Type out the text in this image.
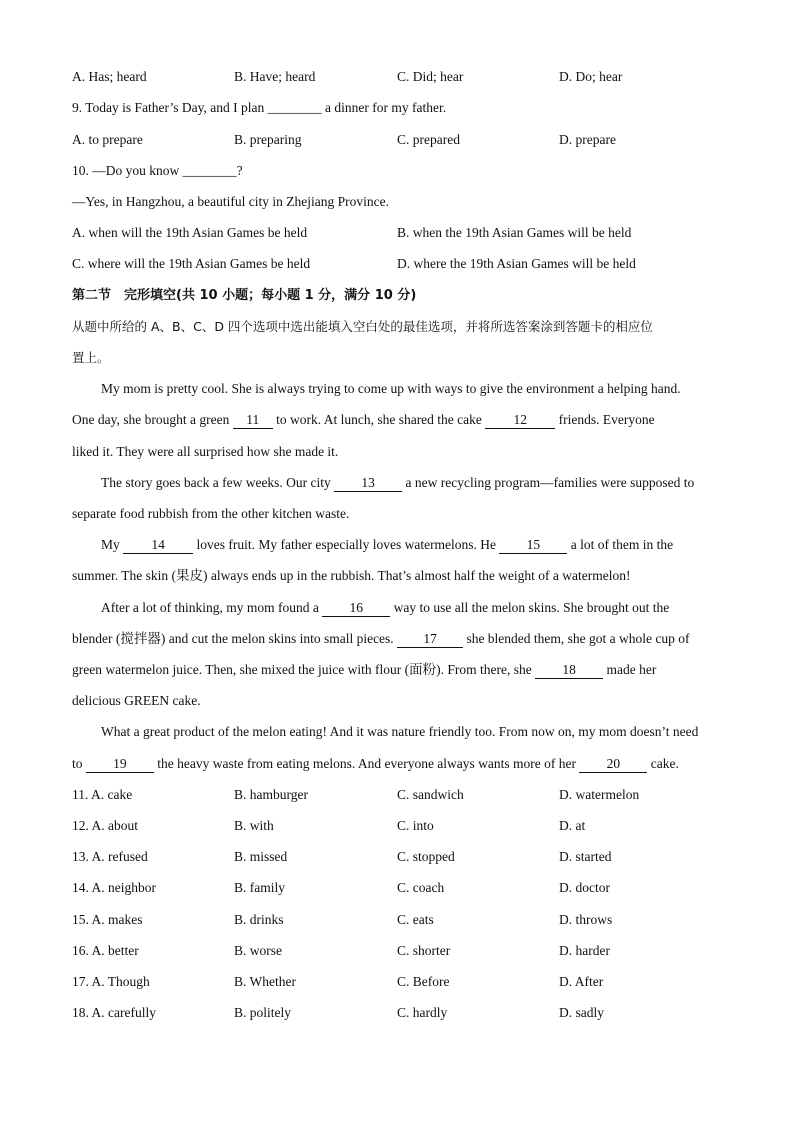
A. Has; heard	B. Have; heard	C. Did; hear	D. Do; hear
9. Today is Father’s Day, and I plan ________ a dinner for my father.
A. to prepare	B. preparing	C. prepared	D. prepare
10. —Do you know ________?
—Yes, in Hangzhou, a beautiful city in Zhejiang Province.
A. when will the 19th Asian Games be held	B. when the 19th Asian Games will be held
C. where will the 19th Asian Games be held	D. where the 19th Asian Games will be held
第二节　完形填空(共 10 小题；每小题 1 分，满分 10 分)
从题中所给的 A、B、C、D 四个选项中选出能填入空白处的最佳选项，并将所选答案涂到答题卡的相应位
置上。
My mom is pretty cool. She is always trying to come up with ways to give the environment a helping hand.
One day, she brought a green 11 to work. At lunch, she shared the cake 12 friends. Everyone
liked it. They were all surprised how she made it.
The story goes back a few weeks. Our city 13 a new recycling program—families were supposed to
separate food rubbish from the other kitchen waste.
My 14 loves fruit. My father especially loves watermelons. He 15 a lot of them in the
summer. The skin (果皮) always ends up in the rubbish. That’s almost half the weight of a watermelon!
After a lot of thinking, my mom found a 16 way to use all the melon skins. She brought out the
blender (搅拌器) and cut the melon skins into small pieces. 17 she blended them, she got a whole cup of
green watermelon juice. Then, she mixed the juice with flour (面粉). From there, she 18 made her
delicious GREEN cake.
What a great product of the melon eating! And it was nature friendly too. From now on, my mom doesn’t need
to 19 the heavy waste from eating melons. And everyone always wants more of her 20 cake.
11. A. cake	B. hamburger	C. sandwich	D. watermelon
12. A. about	B. with	C. into	D. at
13. A. refused	B. missed	C. stopped	D. started
14. A. neighbor	B. family	C. coach	D. doctor
15. A. makes	B. drinks	C. eats	D. throws
16. A. better	B. worse	C. shorter	D. harder
17. A. Though	B. Whether	C. Before	D. After
18. A. carefully	B. politely	C. hardly	D. sadly
